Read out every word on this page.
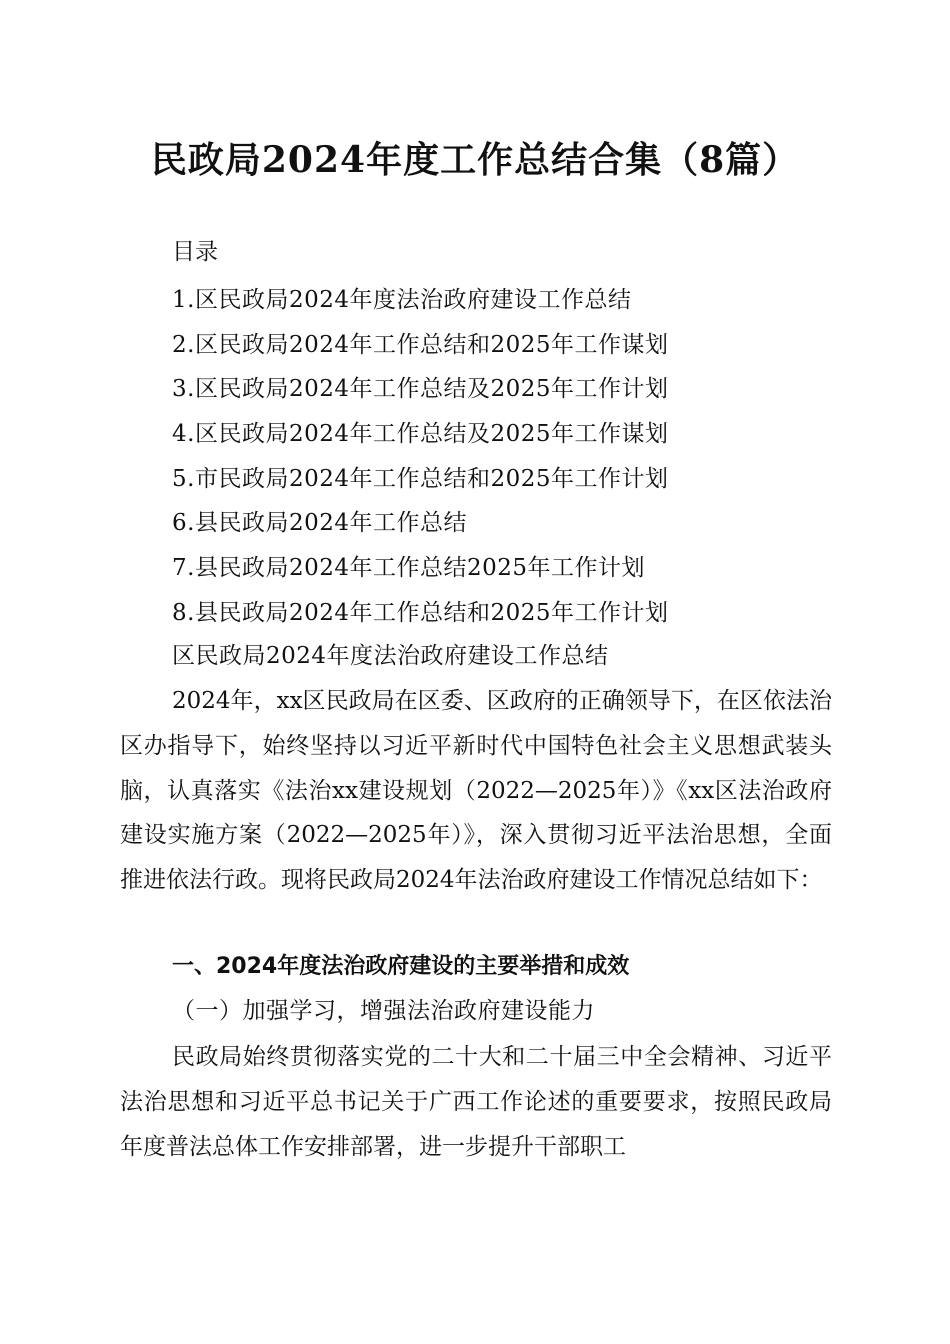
民政局2024年度工作总结合集（8篇）
目录
1.区民政局2024年度法治政府建设工作总结
2.区民政局2024年工作总结和2025年工作谋划
3.区民政局2024年工作总结及2025年工作计划
4.区民政局2024年工作总结及2025年工作谋划
5.市民政局2024年工作总结和2025年工作计划
6.县民政局2024年工作总结
7.县民政局2024年工作总结2025年工作计划
8.县民政局2024年工作总结和2025年工作计划
区民政局2024年度法治政府建设工作总结

2024年，xx区民政局在区委、区政府的正确领导下，在区依法治区办指导下，始终坚持以习近平新时代中国特色社会主义思想武装头脑，认真落实《法治xx建设规划（2022—2025年）》《xx区法治政府建设实施方案（2022—2025年）》，深入贯彻习近平法治思想，全面推进依法行政。现将民政局2024年法治政府建设工作情况总结如下：

一、2024年度法治政府建设的主要举措和成效
（一）加强学习，增强法治政府建设能力

民政局始终贯彻落实党的二十大和二十届三中全会精神、习近平法治思想和习近平总书记关于广西工作论述的重要要求，按照民政局年度普法总体工作安排部署，进一步提升干部职工
